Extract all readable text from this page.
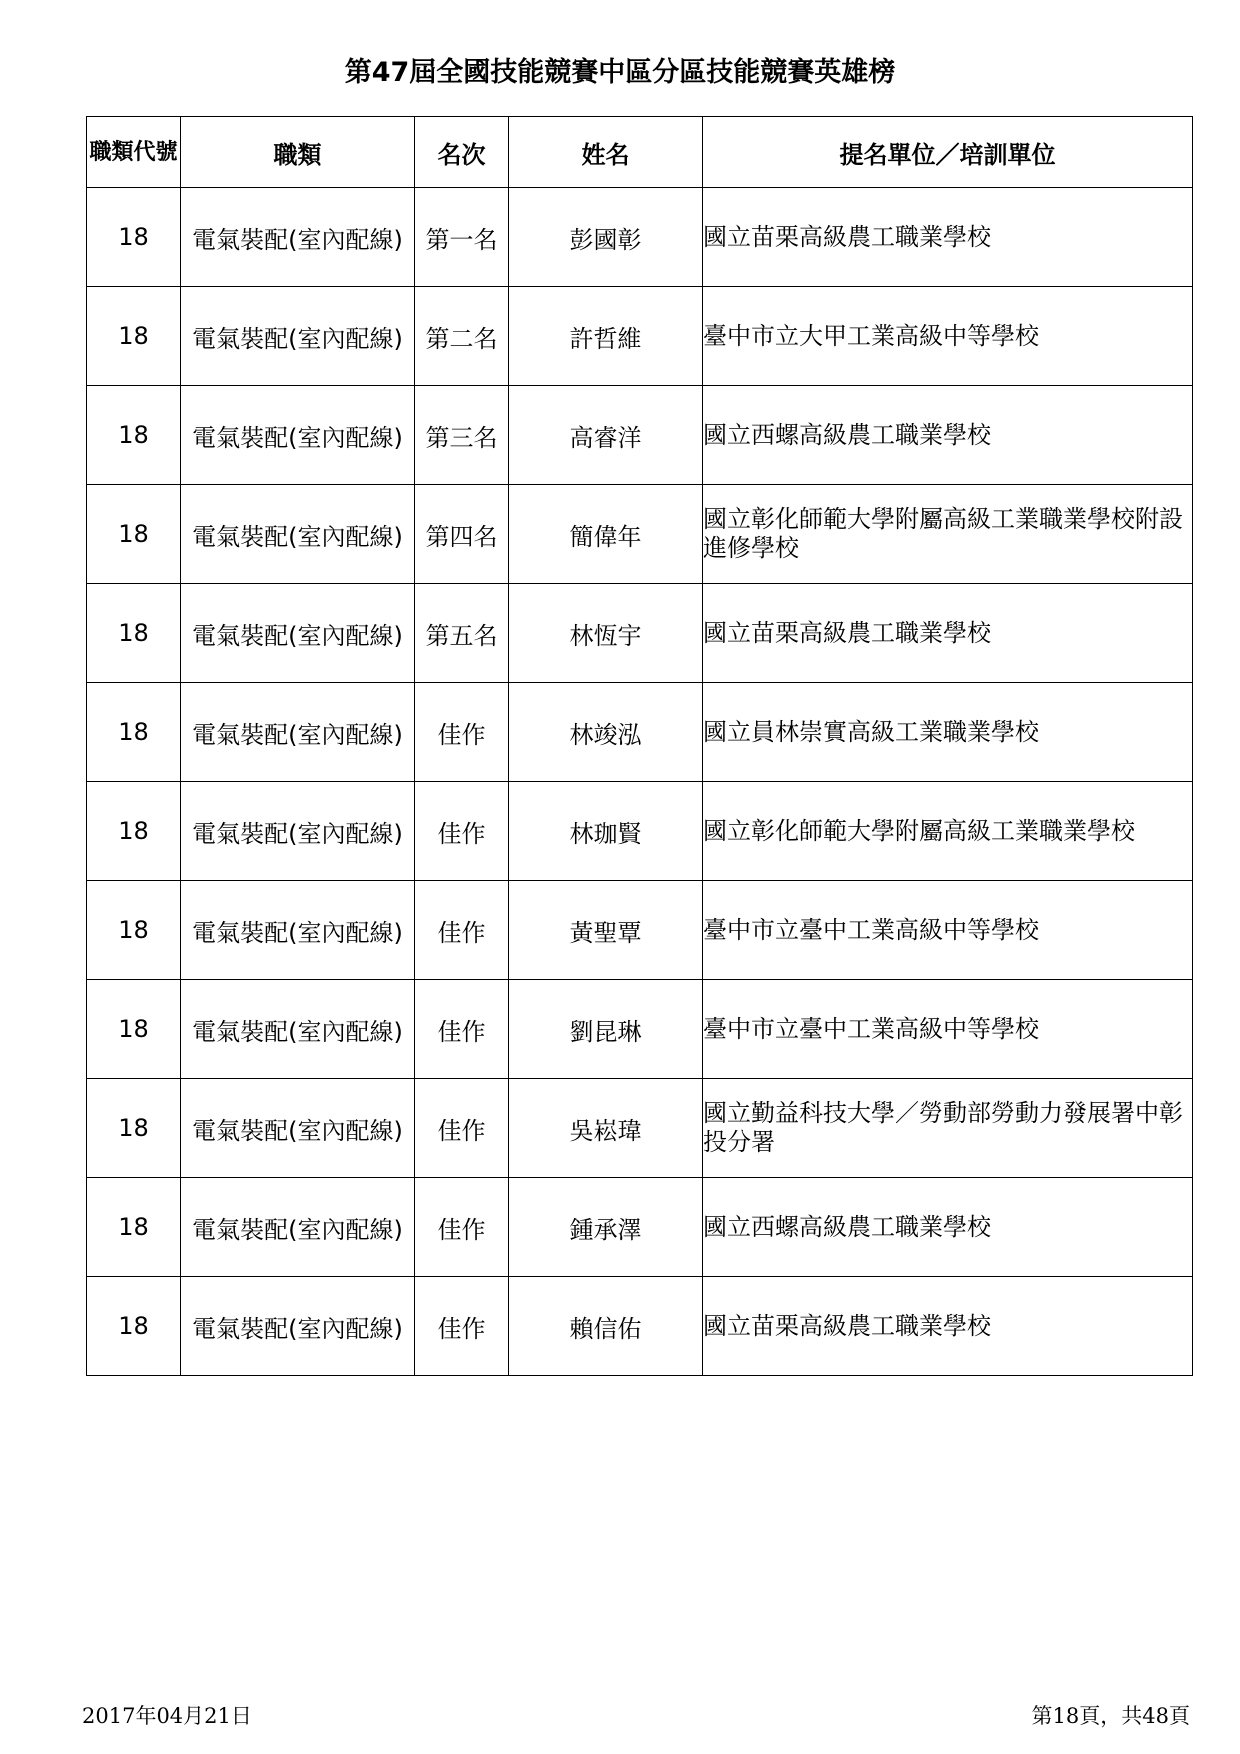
第47屆全國技能競賽中區分區技能競賽英雄榜
職類代號	職類	名次	姓名	提名單位／培訓單位
18	電氣裝配(室內配線)	第一名	彭國彰	國立苗栗高級農工職業學校
18	電氣裝配(室內配線)	第二名	許哲維	臺中市立大甲工業高級中等學校
18	電氣裝配(室內配線)	第三名	高睿洋	國立西螺高級農工職業學校
18	電氣裝配(室內配線)	第四名	簡偉年	國立彰化師範大學附屬高級工業職業學校附設進修學校
18	電氣裝配(室內配線)	第五名	林恆宇	國立苗栗高級農工職業學校
18	電氣裝配(室內配線)	佳作	林竣泓	國立員林崇實高級工業職業學校
18	電氣裝配(室內配線)	佳作	林珈賢	國立彰化師範大學附屬高級工業職業學校
18	電氣裝配(室內配線)	佳作	黃聖覃	臺中市立臺中工業高級中等學校
18	電氣裝配(室內配線)	佳作	劉昆琳	臺中市立臺中工業高級中等學校
18	電氣裝配(室內配線)	佳作	吳崧瑋	國立勤益科技大學／勞動部勞動力發展署中彰投分署
18	電氣裝配(室內配線)	佳作	鍾承澤	國立西螺高級農工職業學校
18	電氣裝配(室內配線)	佳作	賴信佑	國立苗栗高級農工職業學校
2017年04月21日	第18頁，共48頁
